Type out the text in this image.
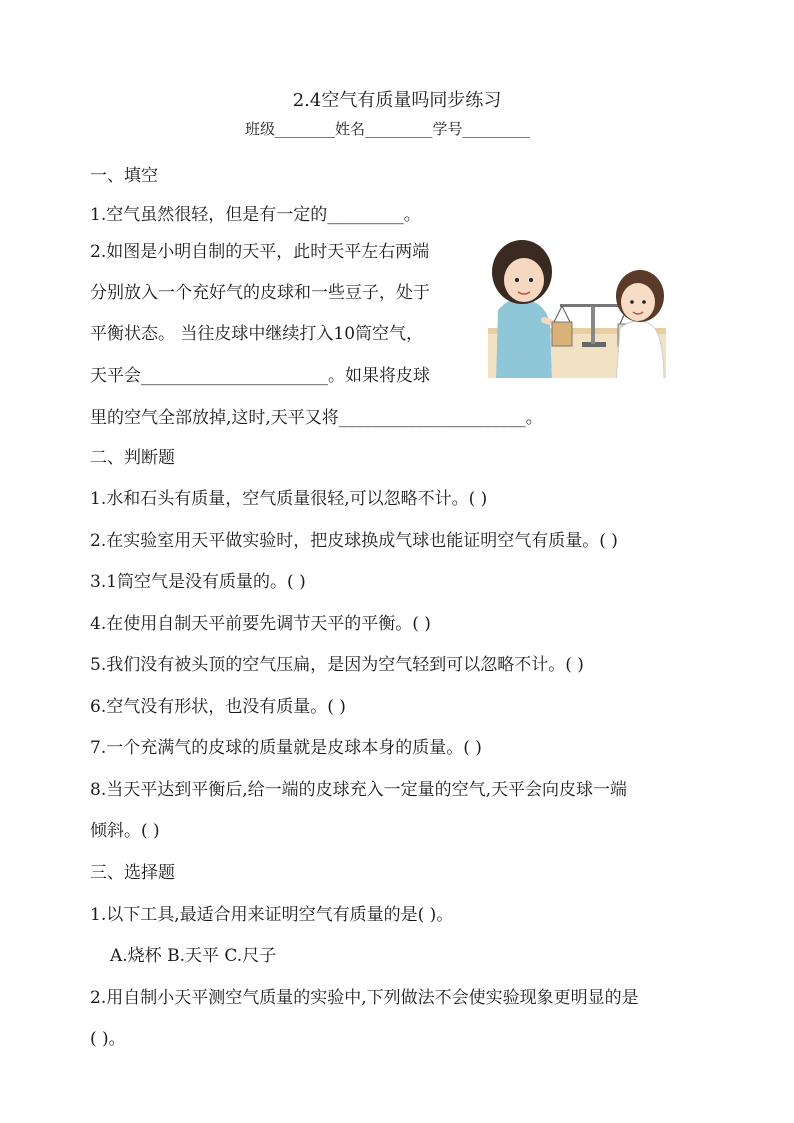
2.4空气有质量吗同步练习
班级________姓名_________学号_________
一、填空
1.空气虽然很轻，但是有一定的_________。
2.如图是小明自制的天平，此时天平左右两端
分别放入一个充好气的皮球和一些豆子，处于
平衡状态。 当往皮球中继续打入10筒空气，
天平会______________________。如果将皮球
里的空气全部放掉,这时,天平又将______________________。
二、判断题
1.水和石头有质量，空气质量很轻,可以忽略不计。( )
2.在实验室用天平做实验时，把皮球换成气球也能证明空气有质量。( )
3.1筒空气是没有质量的。( )
4.在使用自制天平前要先调节天平的平衡。( )
5.我们没有被头顶的空气压扁，是因为空气轻到可以忽略不计。( )
6.空气没有形状，也没有质量。( )
7.一个充满气的皮球的质量就是皮球本身的质量。( )
8.当天平达到平衡后,给一端的皮球充入一定量的空气,天平会向皮球一端
倾斜。( )
三、选择题
1.以下工具,最适合用来证明空气有质量的是( )。
A.烧杯 B.天平 C.尺子
2.用自制小天平测空气质量的实验中,下列做法不会使实验现象更明显的是
( )。
